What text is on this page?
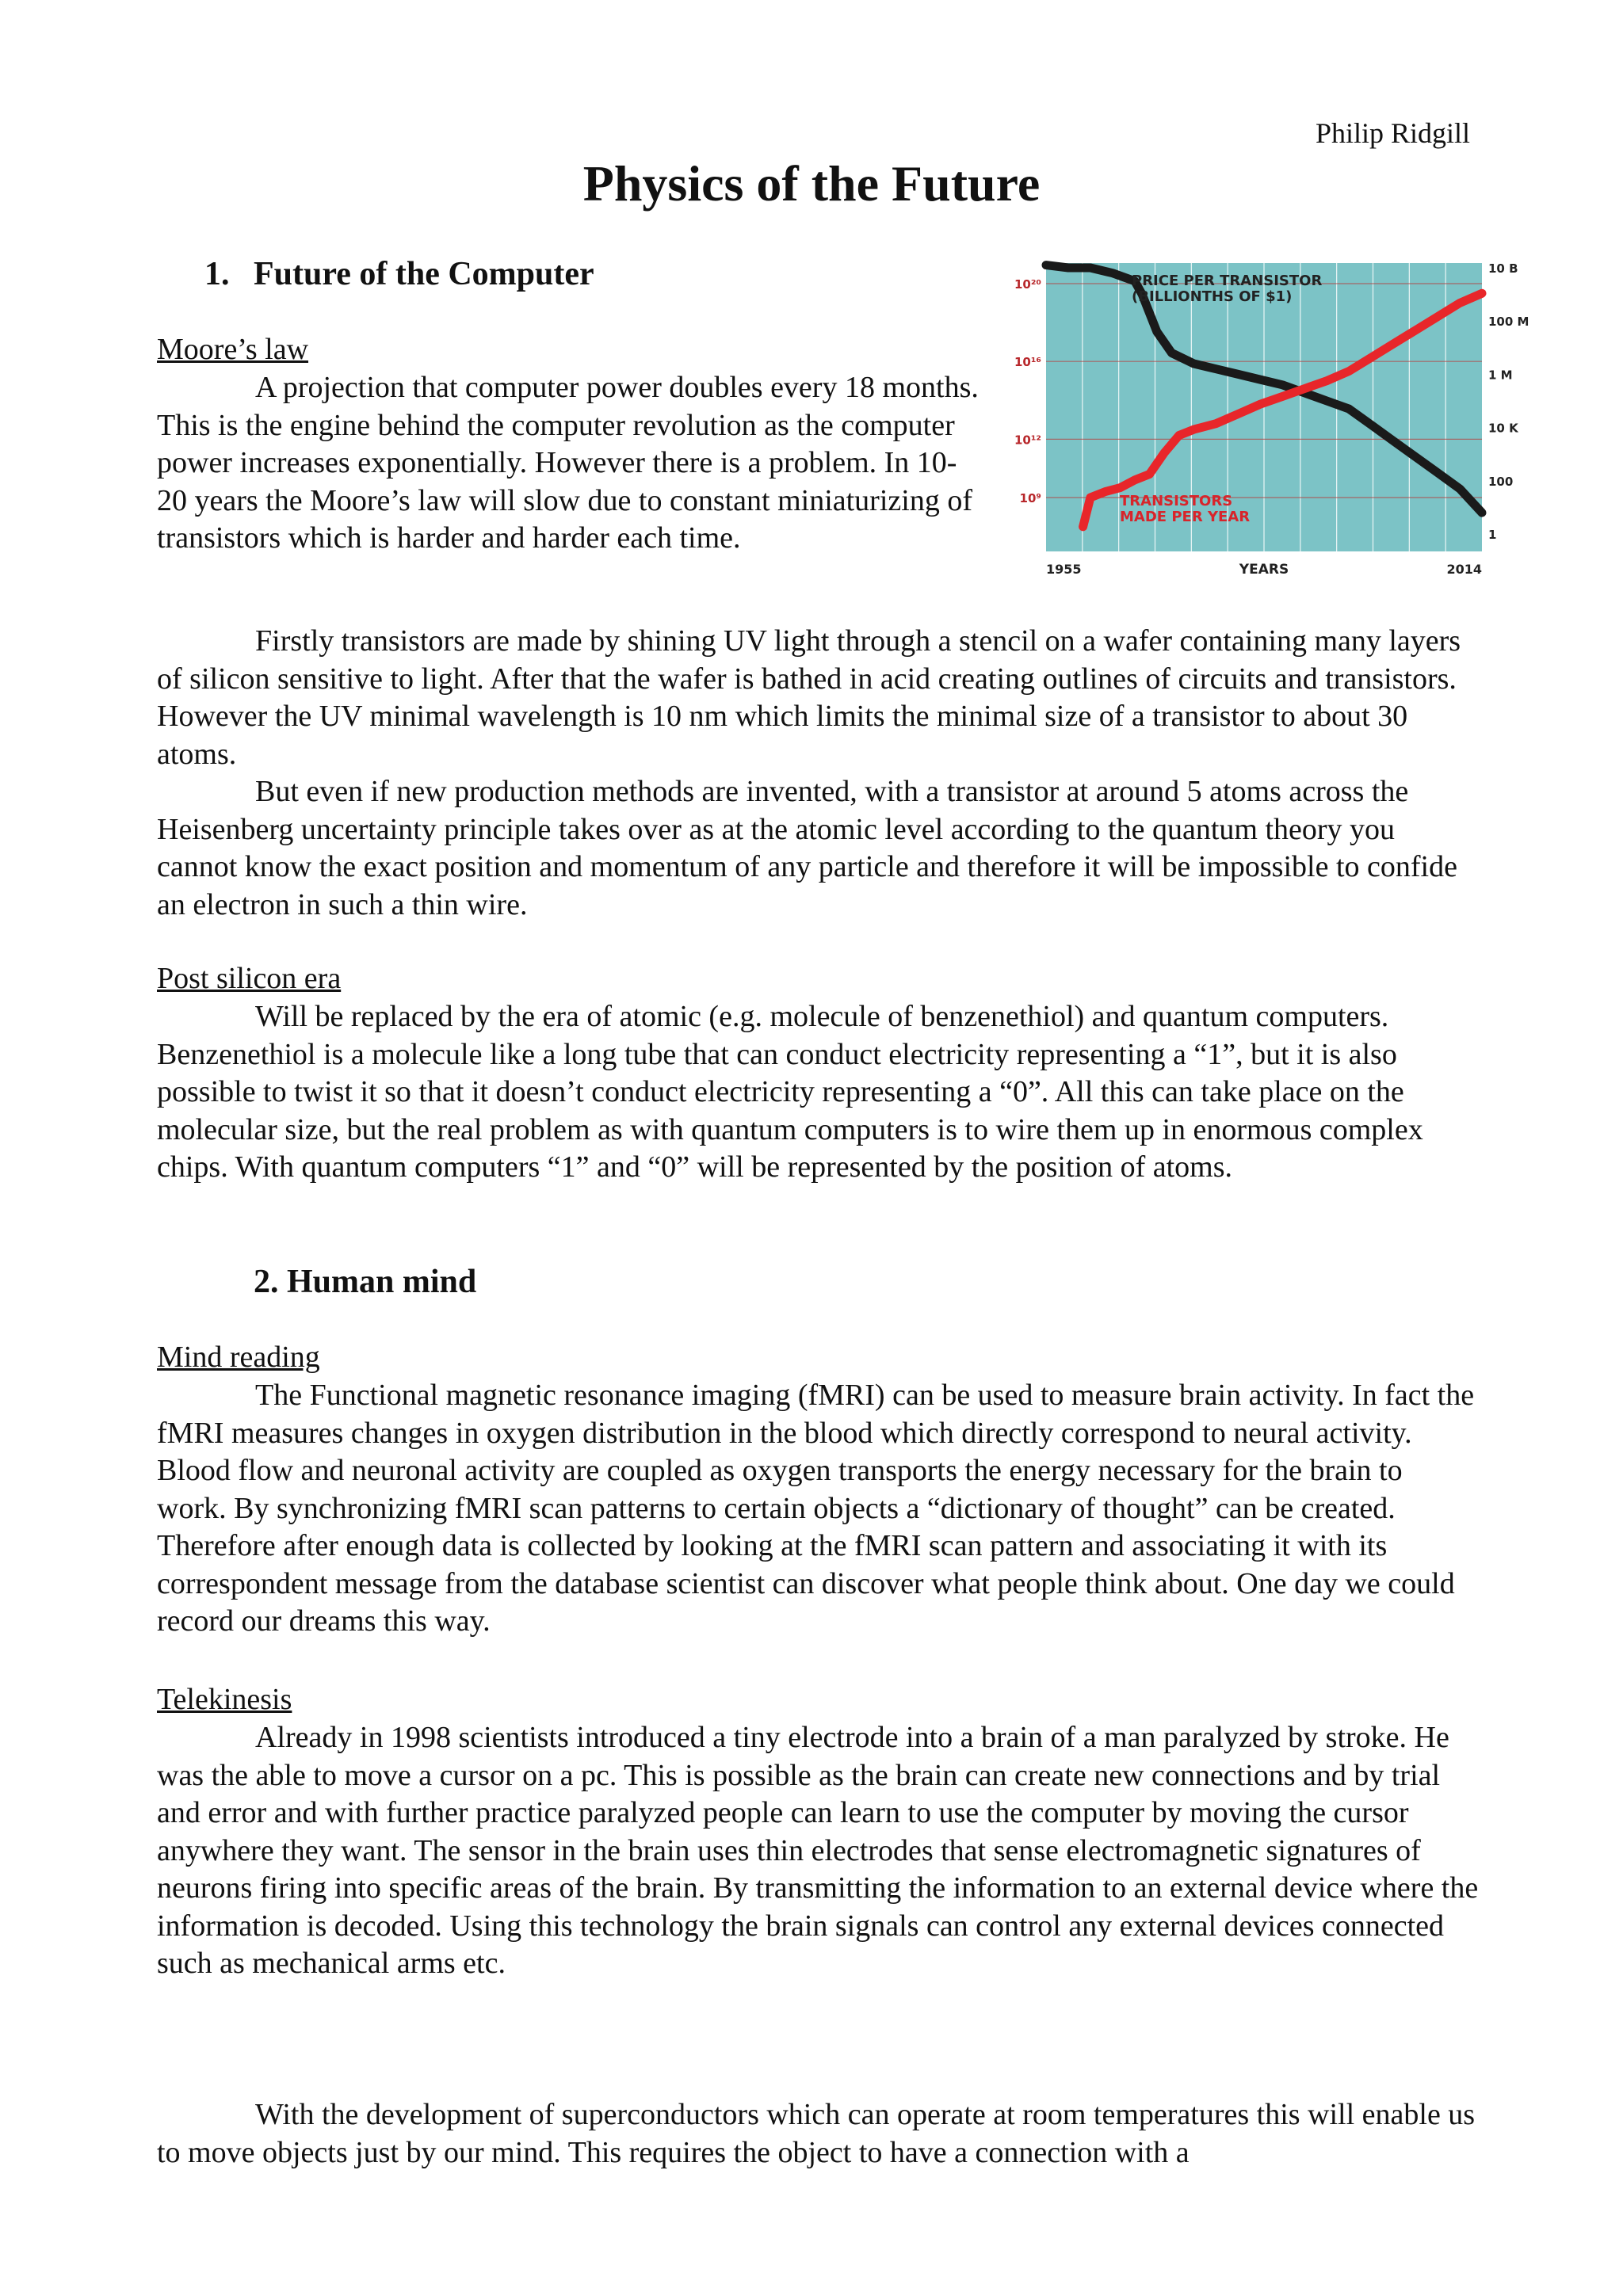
Philip Ridgill
Physics of the Future
1. Future of the Computer
Moore’s law

A projection that computer power doubles every 18 months. This is the engine behind the computer revolution as the computer power increases exponentially. However there is a problem. In 10-20 years the Moore’s law will slow due to constant miniaturizing of transistors which is harder and harder each time.

10²⁰
10¹⁶
10¹²
10⁹
10 B
100 M
1 M
10 K
100
1
1955	2014
YEARS
PRICE PER TRANSISTOR
(BILLIONTHS OF $1)
TRANSISTORS
MADE PER YEAR

Firstly transistors are made by shining UV light through a stencil on a wafer containing many layers of silicon sensitive to light. After that the wafer is bathed in acid creating outlines of circuits and transistors. However the UV minimal wavelength is 10 nm which limits the minimal size of a transistor to about 30 atoms.

But even if new production methods are invented, with a transistor at around 5 atoms across the Heisenberg uncertainty principle takes over as at the atomic level according to the quantum theory you cannot know the exact position and momentum of any particle and therefore it will be impossible to confide an electron in such a thin wire.

Post silicon era

Will be replaced by the era of atomic (e.g. molecule of benzenethiol) and quantum computers. Benzenethiol is a molecule like a long tube that can conduct electricity representing a “1”, but it is also possible to twist it so that it doesn’t conduct electricity representing a “0”. All this can take place on the molecular size, but the real problem as with quantum computers is to wire them up in enormous complex chips. With quantum computers “1” and “0” will be represented by the position of atoms.

2. Human mind
Mind reading

The Functional magnetic resonance imaging (fMRI) can be used to measure brain activity. In fact the fMRI measures changes in oxygen distribution in the blood which directly correspond to neural activity. Blood flow and neuronal activity are coupled as oxygen transports the energy necessary for the brain to work. By synchronizing fMRI scan patterns to certain objects a “dictionary of thought” can be created. Therefore after enough data is collected by looking at the fMRI scan pattern and associating it with its correspondent message from the database scientist can discover what people think about. One day we could record our dreams this way.

Telekinesis

Already in 1998 scientists introduced a tiny electrode into a brain of a man paralyzed by stroke. He was the able to move a cursor on a pc. This is possible as the brain can create new connections and by trial and error and with further practice paralyzed people can learn to use the computer by moving the cursor anywhere they want. The sensor in the brain uses thin electrodes that sense electromagnetic signatures of neurons firing into specific areas of the brain. By transmitting the information to an external device where the information is decoded. Using this technology the brain signals can control any external devices connected such as mechanical arms etc.

With the development of superconductors which can operate at room temperatures this will enable us to move objects just by our mind. This requires the object to have a connection with a
